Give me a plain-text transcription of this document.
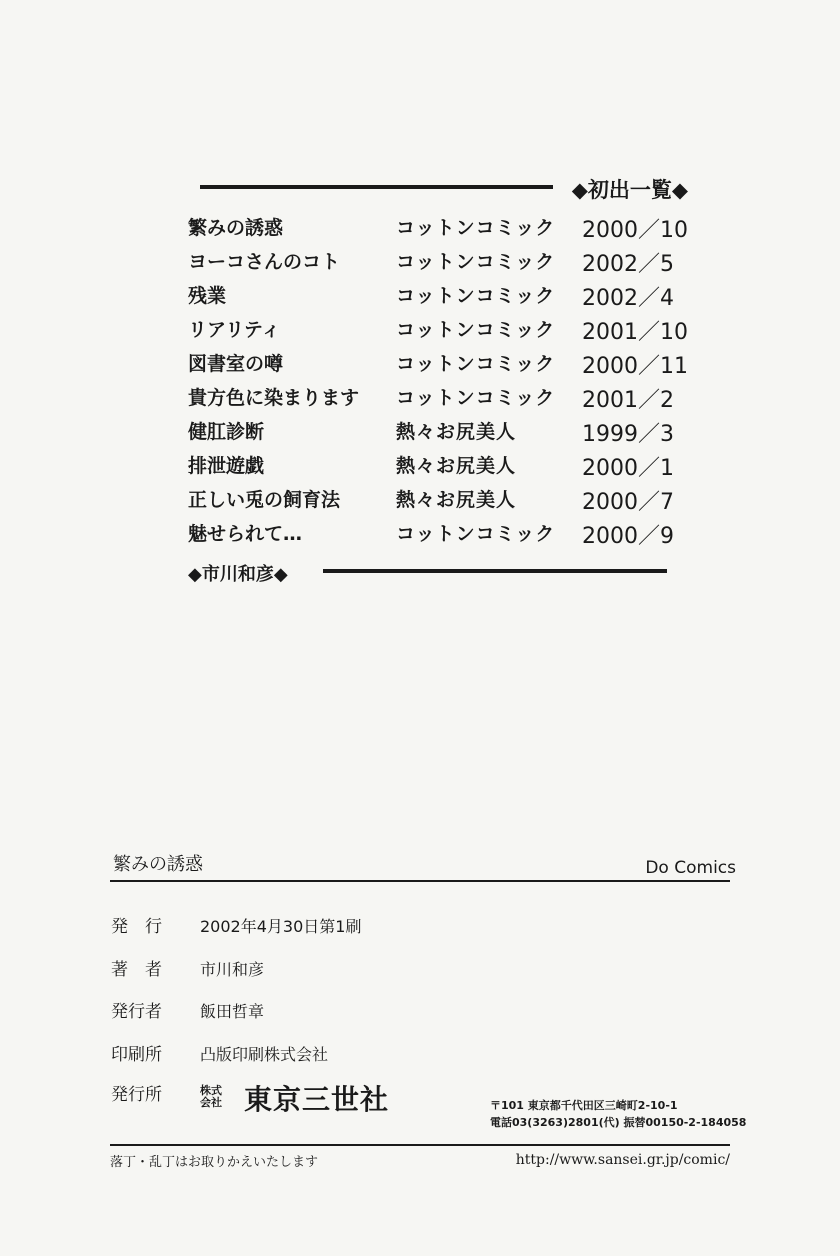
◆初出一覧◆
繁みの誘惑	コットンコミック 2000／10
ヨーコさんのコト	コットンコミック 2002／5
残業	コットンコミック 2002／4
リアリティ	コットンコミック 2001／10
図書室の噂	コットンコミック 2000／11
貴方色に染まります コットンコミック 2001／2
健肛診断	熱々お尻美人	1999／3
排泄遊戯	熱々お尻美人	2000／1
正しい兎の飼育法	熱々お尻美人	2000／7
魅せられて…	コットンコミック 2000／9
◆市川和彦◆
繁みの誘惑	Do Comics
発　行 2002年4月30日第1刷
著　者 市川和彦
発行者 飯田哲章
印刷所 凸版印刷株式会社
発行所	株式会社 東京三世社	〒101 東京都千代田区三崎町2-10-1
電話03(3263)2801(代) 振替00150-2-184058
落丁・乱丁はお取りかえいたします	http://www.sansei.gr.jp/comic/
